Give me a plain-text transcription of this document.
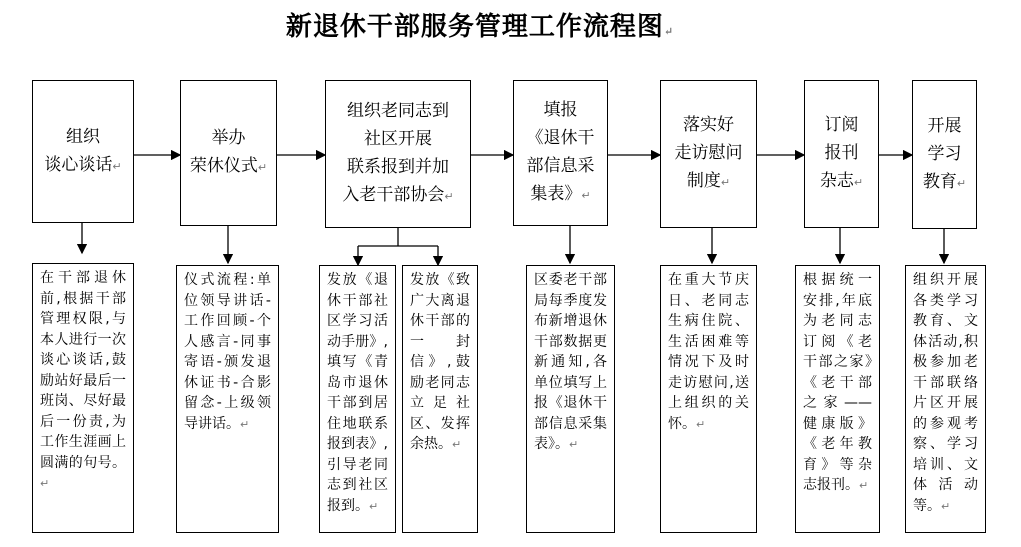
新退休干部服务管理工作流程图↵
组织
谈心谈话↵
举办
荣休仪式↵
组织老同志到
社区开展
联系报到并加
入老干部协会↵
填报
《退休干
部信息采
集表》↵
落实好
走访慰问
制度↵
订阅
报刊
杂志↵
开展
学习
教育↵
在干部退休前,根据干部管理权限,与本人进行一次谈心谈话,鼓励站好最后一班岗、尽好最后一份责,为工作生涯画上圆满的句号。↵
仪式流程:单位领导讲话-工作回顾-个人感言-同事寄语-颁发退休证书-合影留念-上级领导讲话。↵
发放《退休干部社区学习活动手册》,填写《青岛市退休干部到居住地联系报到表》,引导老同志到社区报到。↵
发放《致广大离退休干部的一封信》,鼓励老同志立足社区、发挥余热。↵
区委老干部局每季度发布新增退休干部数据更新通知,各单位填写上报《退休干部信息采集表》。↵
在重大节庆日、老同志生病住院、生活困难等情况下及时走访慰问,送上组织的关怀。↵
根据统一安排,年底为老同志订阅《老干部之家》《老干部之家——健康版》《老年教育》等杂志报刊。↵
组织开展各类学习教育、文体活动,积极参加老干部联络片区开展的参观考察、学习培训、文体活动等。↵
